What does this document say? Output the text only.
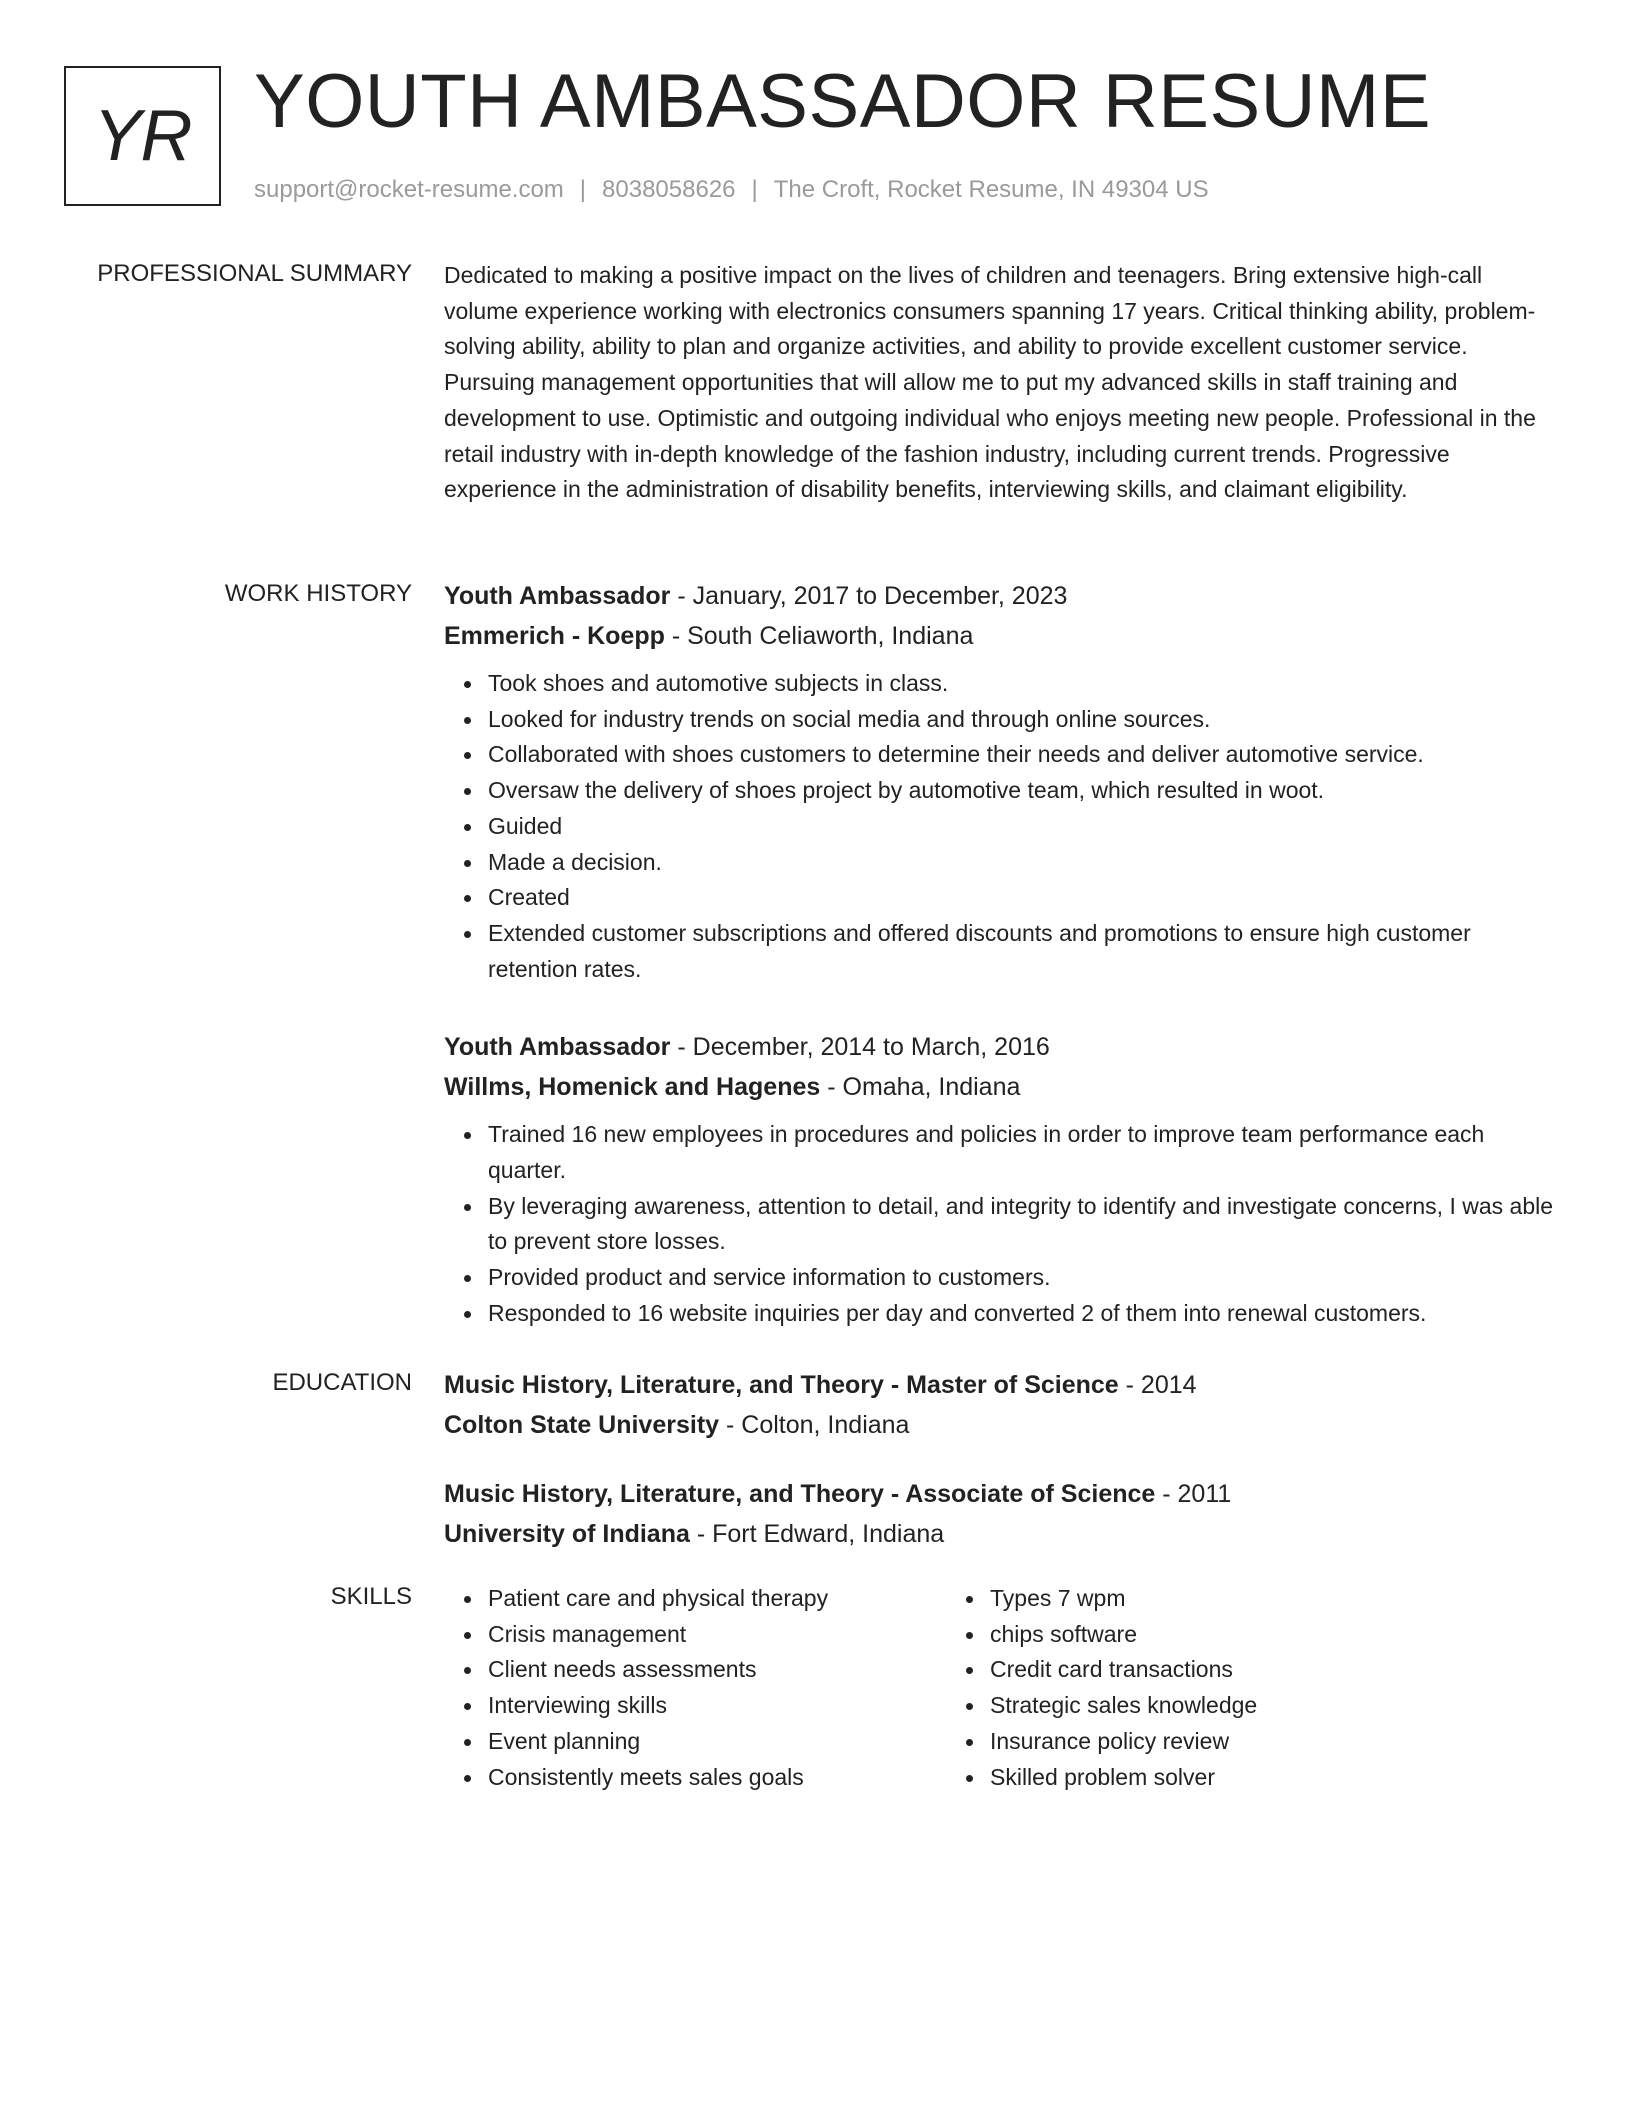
YR YOUTH AMBASSADOR RESUME
support@rocket-resume.com | 8038058626 | The Croft, Rocket Resume, IN 49304 US
PROFESSIONAL SUMMARY Dedicated to making a positive impact on the lives of children and teenagers. Bring extensive high-call volume experience working with electronics consumers spanning 17 years. Critical thinking ability, problem-solving ability, ability to plan and organize activities, and ability to provide excellent customer service. Pursuing management opportunities that will allow me to put my advanced skills in staff training and development to use. Optimistic and outgoing individual who enjoys meeting new people. Professional in the retail industry with in-depth knowledge of the fashion industry, including current trends. Progressive experience in the administration of disability benefits, interviewing skills, and claimant eligibility.

WORK HISTORY Youth Ambassador - January, 2017 to December, 2023

Emmerich - Koepp - South Celiaworth, Indiana

Took shoes and automotive subjects in class.
Looked for industry trends on social media and through online sources.
Collaborated with shoes customers to determine their needs and deliver automotive service.
Oversaw the delivery of shoes project by automotive team, which resulted in woot.
Guided
Made a decision.
Created
Extended customer subscriptions and offered discounts and promotions to ensure high customer retention rates.

Youth Ambassador - December, 2014 to March, 2016

Willms, Homenick and Hagenes - Omaha, Indiana

Trained 16 new employees in procedures and policies in order to improve team performance each quarter.
By leveraging awareness, attention to detail, and integrity to identify and investigate concerns, I was able to prevent store losses.
Provided product and service information to customers.
Responded to 16 website inquiries per day and converted 2 of them into renewal customers.
EDUCATION Music History, Literature, and Theory - Master of Science - 2014

Colton State University - Colton, Indiana

Music History, Literature, and Theory - Associate of Science - 2011

University of Indiana - Fort Edward, Indiana

SKILLS	Patient care and physical therapy
Crisis management
Client needs assessments
Interviewing skills
Event planning
Consistently meets sales goals
Types 7 wpm
chips software
Credit card transactions
Strategic sales knowledge
Insurance policy review
Skilled problem solver
